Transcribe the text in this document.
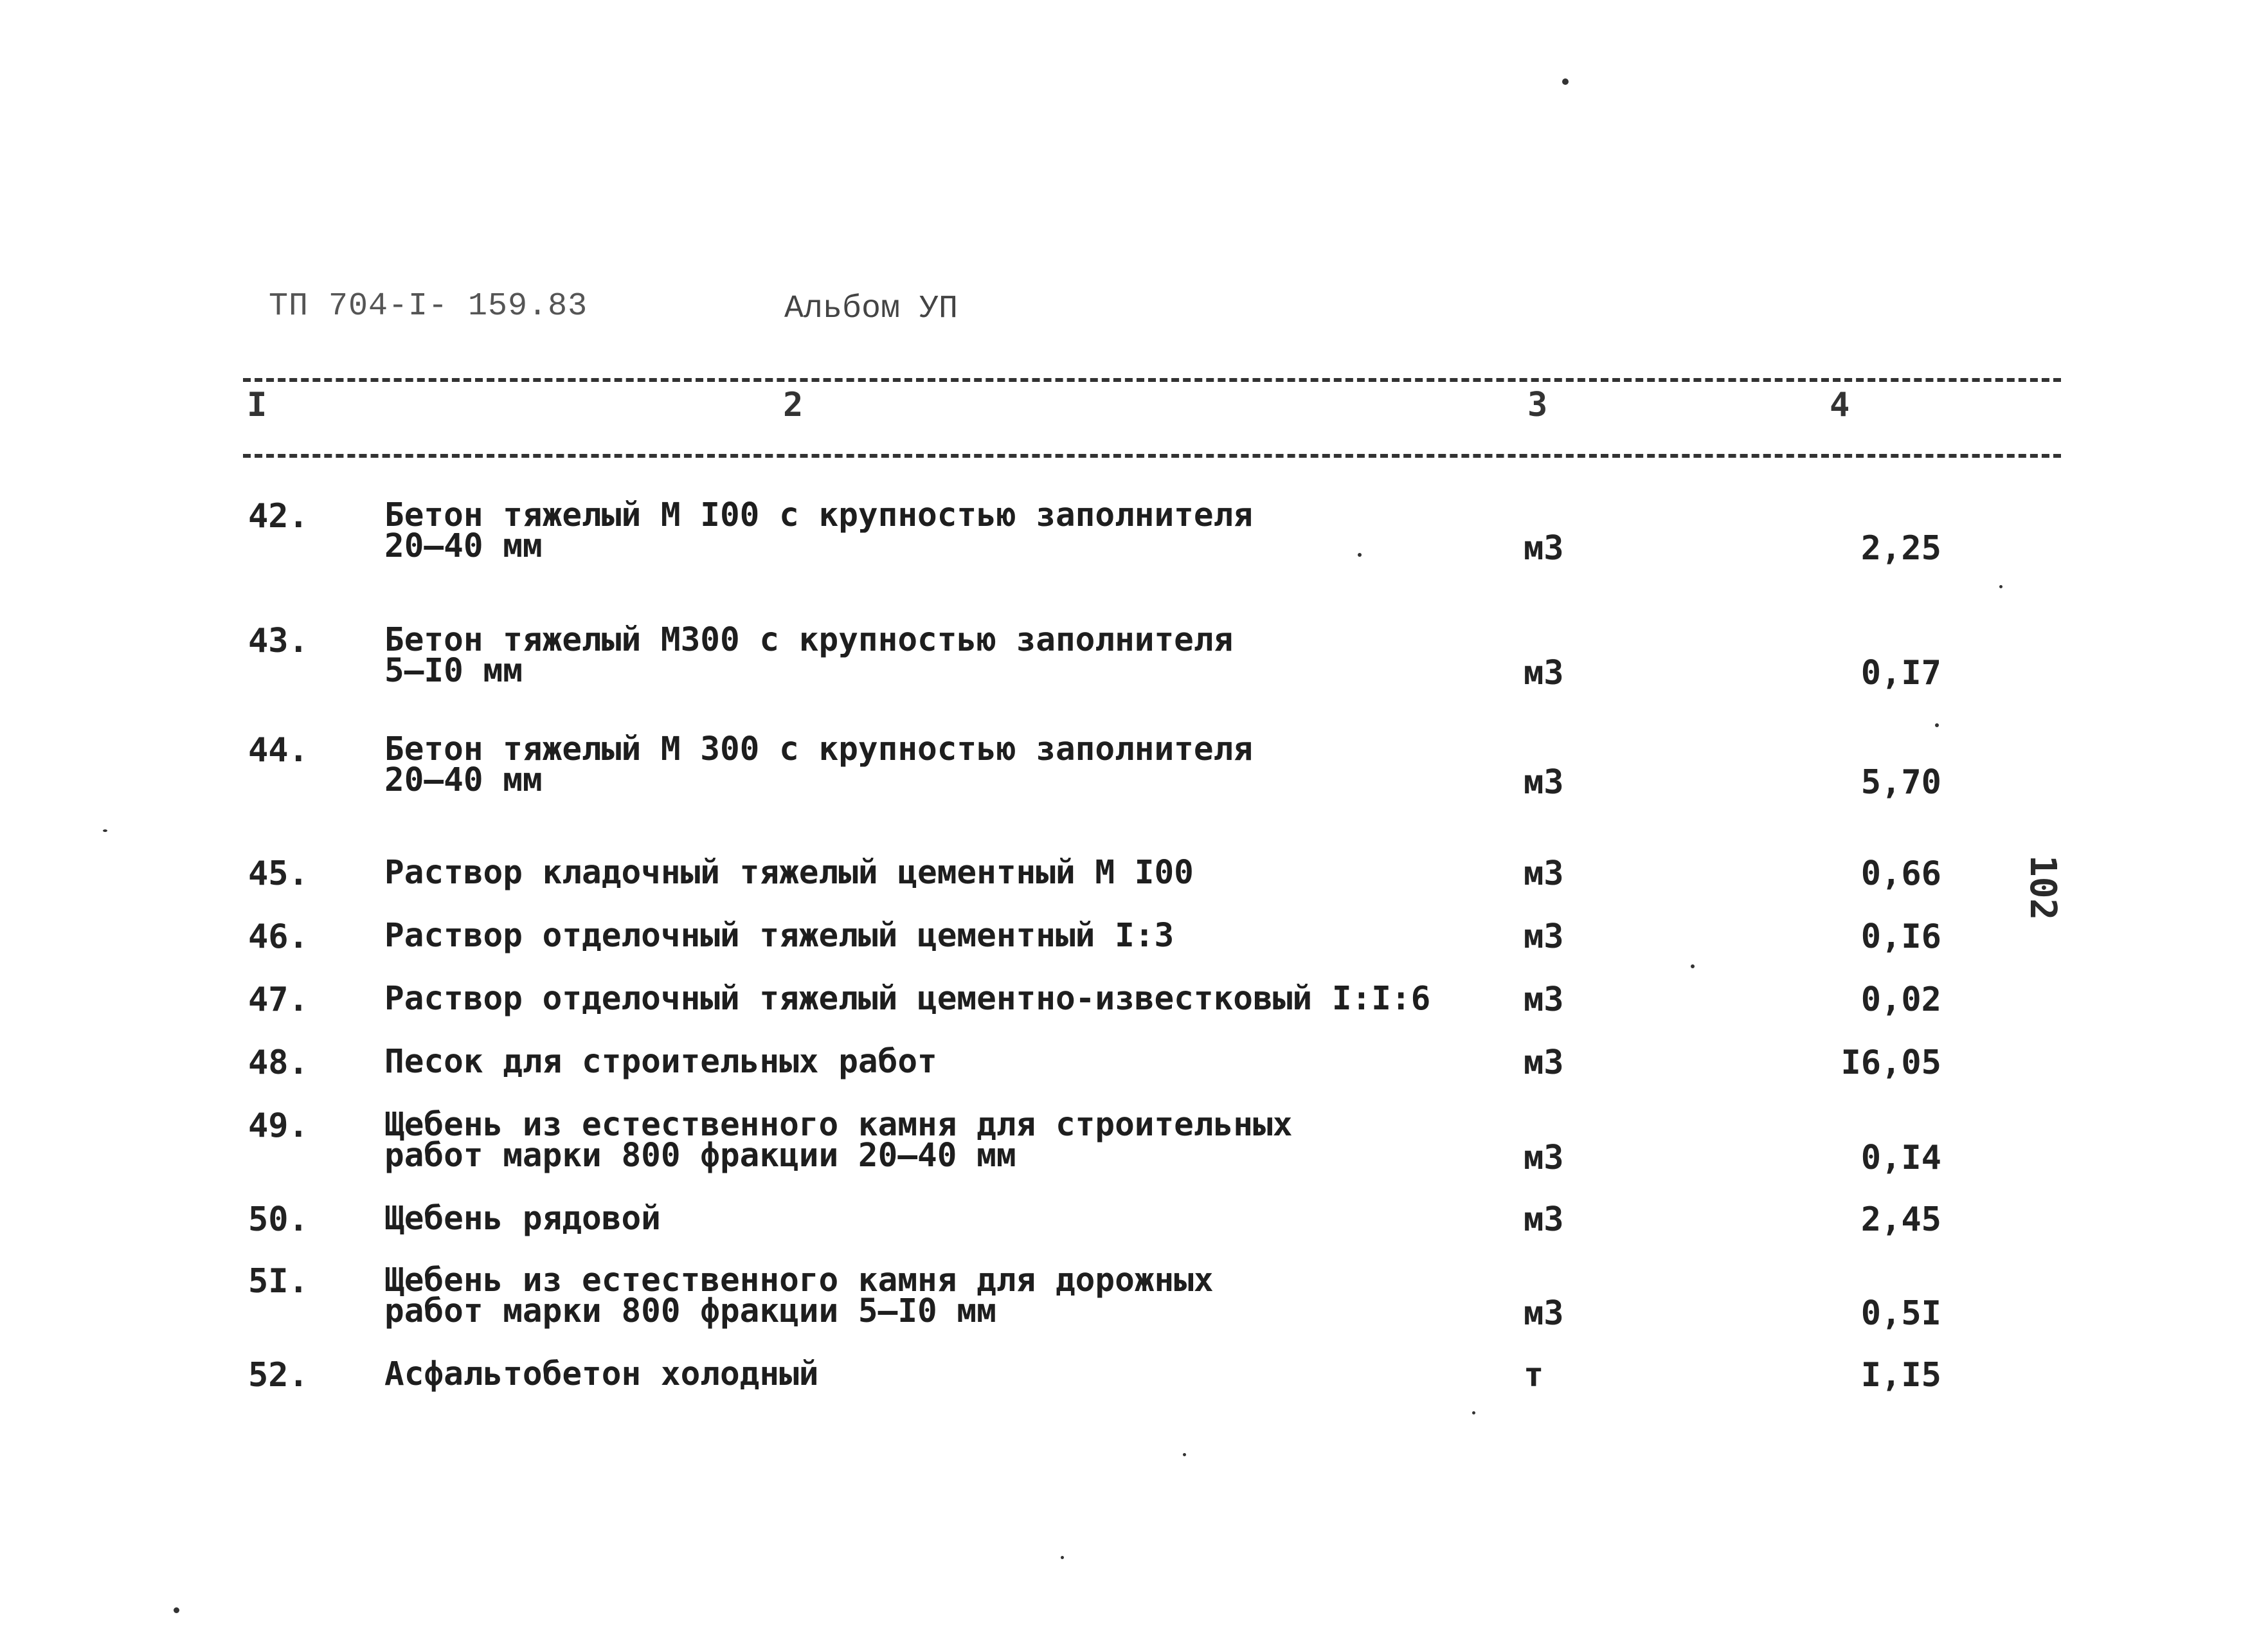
ТП 704-I- 159.83	Альбом УП
I	2	3	4
42. Бетон тяжелый М I00 с крупностью заполнителя
20–40 мм	м3	2,25
43. Бетон тяжелый М300 с крупностью заполнителя
5–I0 мм	м3	0,I7
44. Бетон тяжелый М 300 с крупностью заполнителя
20–40 мм	м3	5,70
45. Раствор кладочный тяжелый цементный М I00	м3	0,66
46. Раствор отделочный тяжелый цементный I:3	м3	0,I6
47. Раствор отделочный тяжелый цементно-известковый I:I:6	м3	0,02
48. Песок для строительных работ	м3	I6,05
49. Щебень из естественного камня для строительных
работ марки 800 фракции 20–40 мм	м3	0,I4
50. Щебень рядовой	м3	2,45
5I. Щебень из естественного камня для дорожных
работ марки 800 фракции 5–I0 мм	м3	0,5I
52. Асфальтобетон холодный	т	I,I5
102
